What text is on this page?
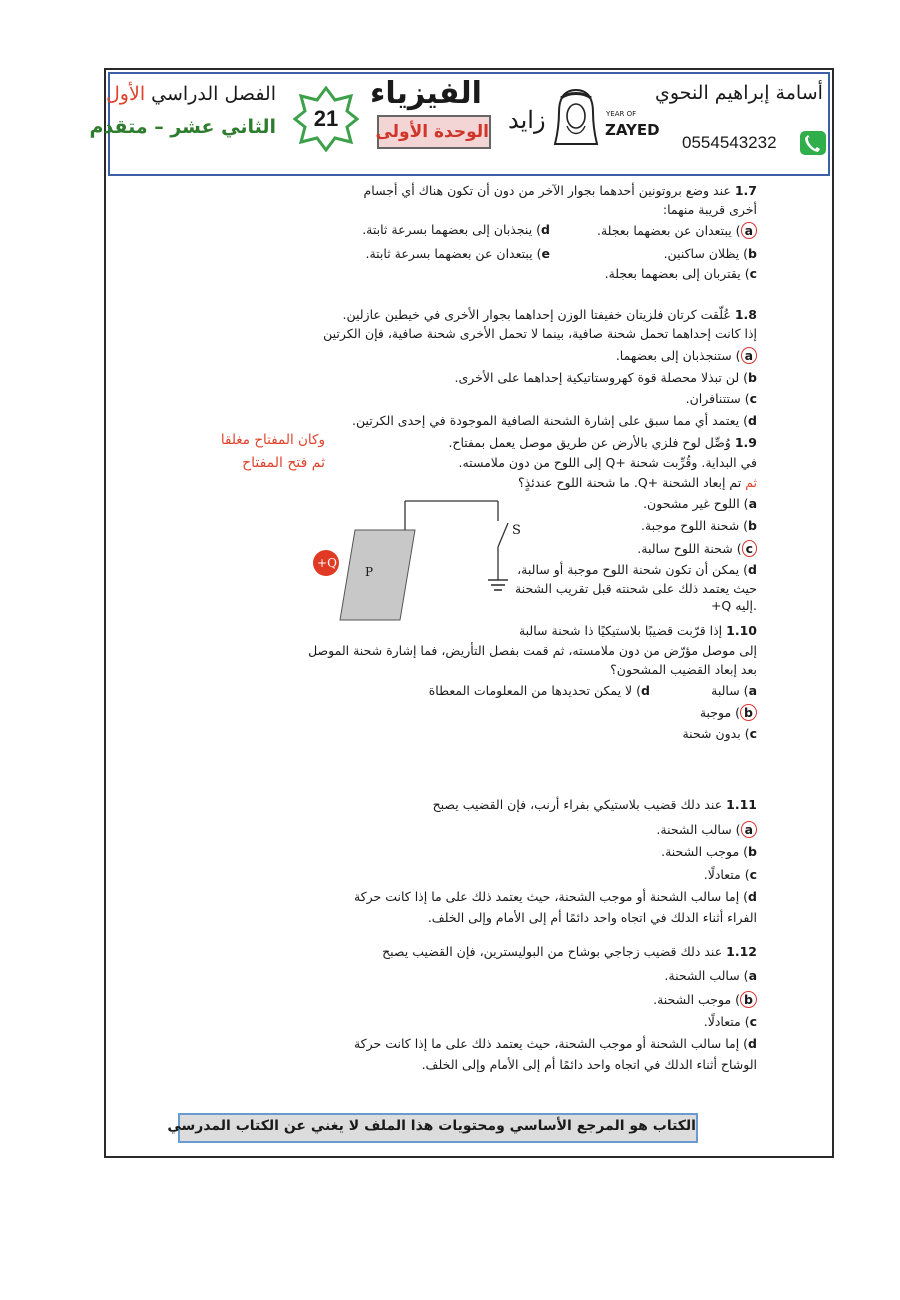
أسامة إبراهيم النحوي
0554543232
YEAR OF
ZAYED
زايد
الفيزياء
الوحدة الأولى
21
الفصل الدراسي الأول
الثاني عشر – متقدم
1.7 عند وضع بروتونين أحدهما بجوار الآخر من دون أن تكون هناك أي أجسام
أخرى قريبة منهما:
a) يبتعدان عن بعضهما بعجلة.
b) يظلان ساكنين.
c) يقتربان إلى بعضهما بعجلة.
d) ينجذبان إلى بعضهما بسرعة ثابتة.
e) يبتعدان عن بعضهما بسرعة ثابتة.
1.8 عُلّقت كرتان فلزيتان خفيفتا الوزن إحداهما بجوار الأخرى في خيطين عازلين.
إذا كانت إحداهما تحمل شحنة صافية، بينما لا تحمل الأخرى شحنة صافية، فإن الكرتين
a) ستنجذبان إلى بعضهما.
b) لن تبذلا محصلة قوة كهروستاتيكية إحداهما على الأخرى.
c) ستتنافران.
d) يعتمد أي مما سبق على إشارة الشحنة الصافية الموجودة في إحدى الكرتين.
1.9 وُصِّل لوح فلزي بالأرض عن طريق موصل يعمل بمفتاح.
وكان المفتاح مغلقا
في البداية. وقُرِّبت شحنة +Q إلى اللوح من دون ملامسته.
ثم فتح المفتاح
ثم تم إبعاد الشحنة +Q. ما شحنة اللوح عندئذٍ؟
a) اللوح غير مشحون.
b) شحنة اللوح موجبة.
c) شحنة اللوح سالبة.
d) يمكن أن تكون شحنة اللوح موجبة أو سالبة،
حيث يعتمد ذلك على شحنته قبل تقريب الشحنة
+Q إليه.
+Q
P
S
1.10 إذا قرّبت قضيبًا بلاستيكيًا ذا شحنة سالبة
إلى موصل مؤرّض من دون ملامسته، ثم قمت بفصل التأريض، فما إشارة شحنة الموصل
بعد إبعاد القضيب المشحون؟
a) سالبة
b) موجبة
c) بدون شحنة
d) لا يمكن تحديدها من المعلومات المعطاة
1.11 عند دلك قضيب بلاستيكي بفراء أرنب، فإن القضيب يصبح
a) سالب الشحنة.
b) موجب الشحنة.
c) متعادلًا.
d) إما سالب الشحنة أو موجب الشحنة، حيث يعتمد ذلك على ما إذا كانت حركة
الفراء أثناء الدلك في اتجاه واحد دائمًا أم إلى الأمام وإلى الخلف.
1.12 عند دلك قضيب زجاجي بوشاح من البوليسترين، فإن القضيب يصبح
a) سالب الشحنة.
b) موجب الشحنة.
c) متعادلًا.
d) إما سالب الشحنة أو موجب الشحنة، حيث يعتمد ذلك على ما إذا كانت حركة
الوشاح أثناء الدلك في اتجاه واحد دائمًا أم إلى الأمام وإلى الخلف.
الكتاب هو المرجع الأساسي ومحتويات هذا الملف لا يغني عن الكتاب المدرسي
